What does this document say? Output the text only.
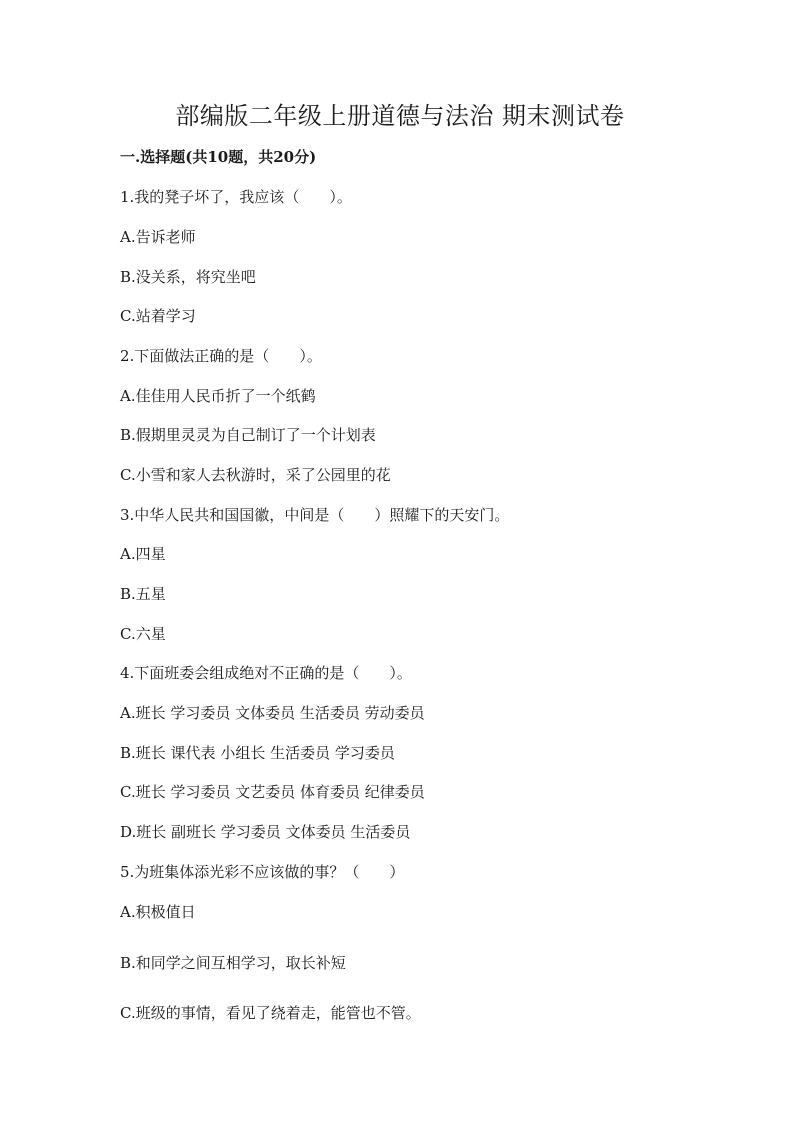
部编版二年级上册道德与法治 期末测试卷
一.选择题(共10题，共20分)
1.我的凳子坏了，我应该（　　）。
A.告诉老师
B.没关系，将究坐吧
C.站着学习
2.下面做法正确的是（　　）。
A.佳佳用人民币折了一个纸鹤
B.假期里灵灵为自己制订了一个计划表
C.小雪和家人去秋游时，采了公园里的花
3.中华人民共和国国徽，中间是（　　）照耀下的天安门。
A.四星
B.五星
C.六星
4.下面班委会组成绝对不正确的是（　　）。
A.班长 学习委员 文体委员 生活委员 劳动委员
B.班长 课代表 小组长 生活委员 学习委员
C.班长 学习委员 文艺委员 体育委员 纪律委员
D.班长 副班长 学习委员 文体委员 生活委员
5.为班集体添光彩不应该做的事？（　　）
A.积极值日
B.和同学之间互相学习，取长补短
C.班级的事情，看见了绕着走，能管也不管。
